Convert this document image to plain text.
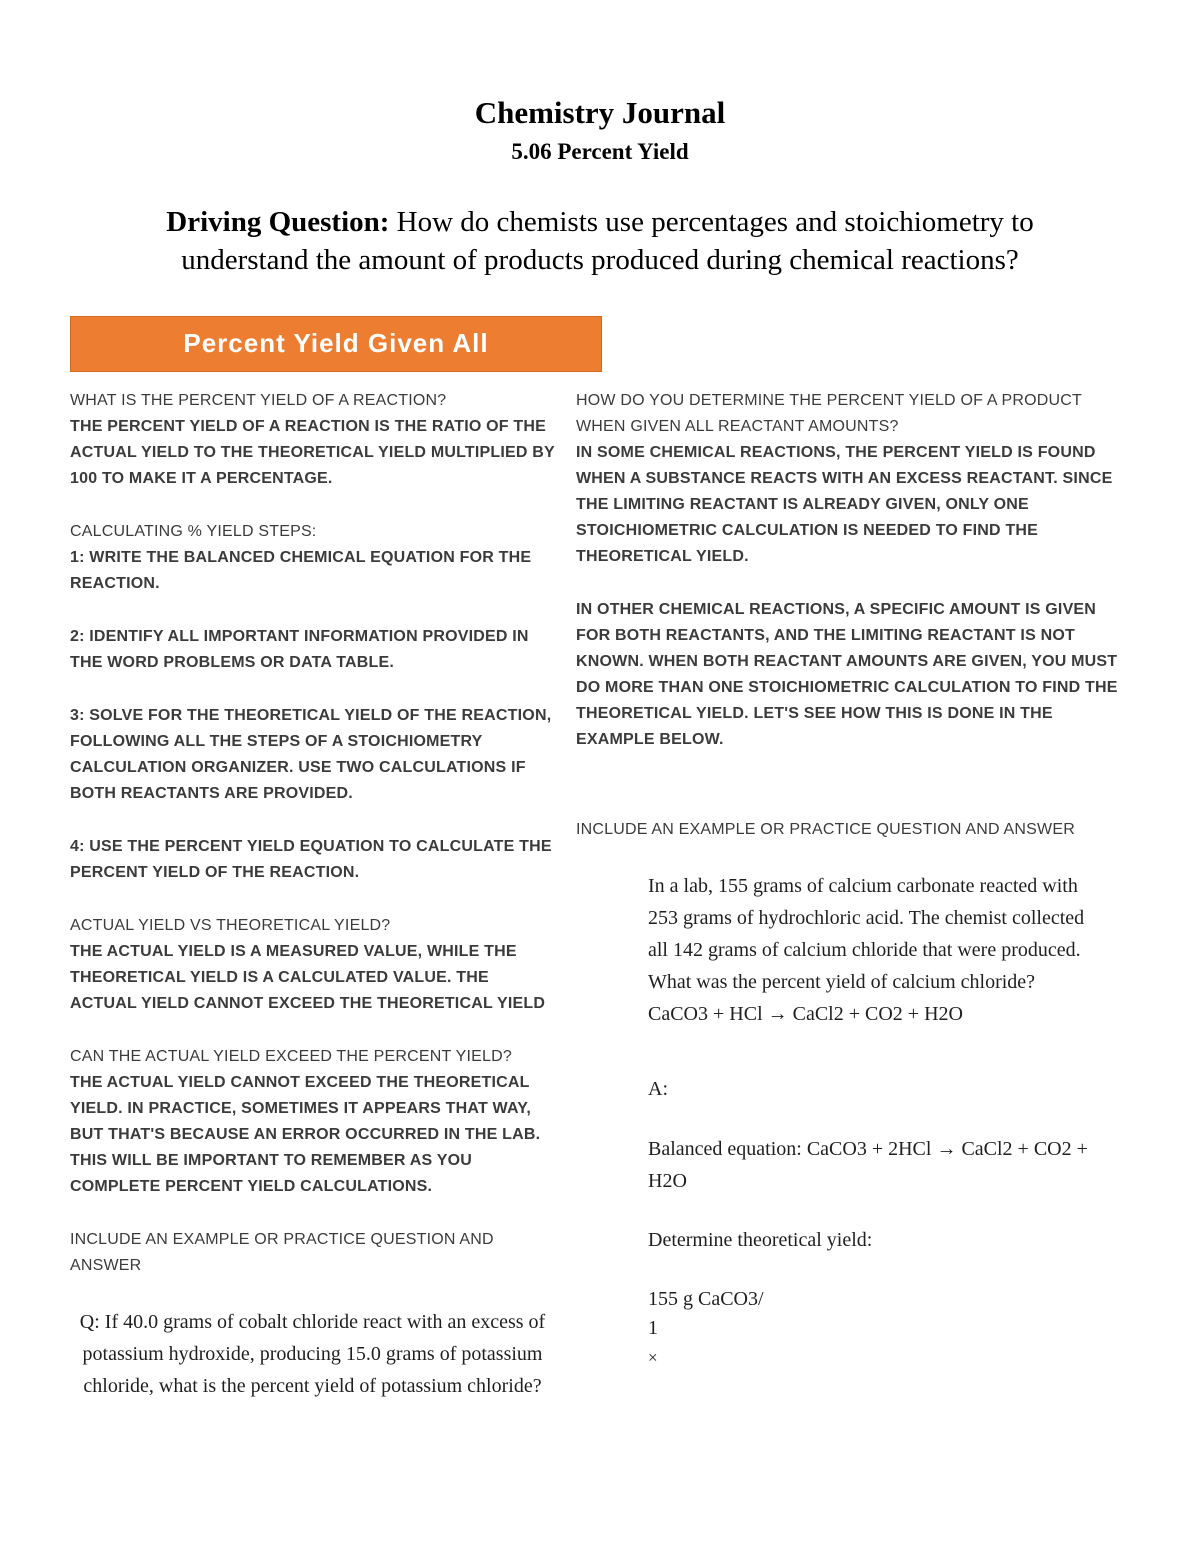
Chemistry Journal
5.06 Percent Yield
Driving Question: How do chemists use percentages and stoichiometry to understand the amount of products produced during chemical reactions?
Percent Yield Given All
WHAT IS THE PERCENT YIELD OF A REACTION?
THE PERCENT YIELD OF A REACTION IS THE RATIO OF THE ACTUAL YIELD TO THE THEORETICAL YIELD MULTIPLIED BY 100 TO MAKE IT A PERCENTAGE.
CALCULATING % YIELD STEPS:
1: WRITE THE BALANCED CHEMICAL EQUATION FOR THE REACTION.
2: IDENTIFY ALL IMPORTANT INFORMATION PROVIDED IN THE WORD PROBLEMS OR DATA TABLE.
3: SOLVE FOR THE THEORETICAL YIELD OF THE REACTION, FOLLOWING ALL THE STEPS OF A STOICHIOMETRY CALCULATION ORGANIZER. USE TWO CALCULATIONS IF BOTH REACTANTS ARE PROVIDED.
4: USE THE PERCENT YIELD EQUATION TO CALCULATE THE PERCENT YIELD OF THE REACTION.
ACTUAL YIELD VS THEORETICAL YIELD?
THE ACTUAL YIELD IS A MEASURED VALUE, WHILE THE THEORETICAL YIELD IS A CALCULATED VALUE. THE ACTUAL YIELD CANNOT EXCEED THE THEORETICAL YIELD
CAN THE ACTUAL YIELD EXCEED THE PERCENT YIELD?
THE ACTUAL YIELD CANNOT EXCEED THE THEORETICAL YIELD. IN PRACTICE, SOMETIMES IT APPEARS THAT WAY, BUT THAT'S BECAUSE AN ERROR OCCURRED IN THE LAB. THIS WILL BE IMPORTANT TO REMEMBER AS YOU COMPLETE PERCENT YIELD CALCULATIONS.
INCLUDE AN EXAMPLE OR PRACTICE QUESTION AND ANSWER
Q: If 40.0 grams of cobalt chloride react with an excess of potassium hydroxide, producing 15.0 grams of potassium chloride, what is the percent yield of potassium chloride?
HOW DO YOU DETERMINE THE PERCENT YIELD OF A PRODUCT WHEN GIVEN ALL REACTANT AMOUNTS?
IN SOME CHEMICAL REACTIONS, THE PERCENT YIELD IS FOUND WHEN A SUBSTANCE REACTS WITH AN EXCESS REACTANT. SINCE THE LIMITING REACTANT IS ALREADY GIVEN, ONLY ONE STOICHIOMETRIC CALCULATION IS NEEDED TO FIND THE THEORETICAL YIELD.
IN OTHER CHEMICAL REACTIONS, A SPECIFIC AMOUNT IS GIVEN FOR BOTH REACTANTS, AND THE LIMITING REACTANT IS NOT KNOWN. WHEN BOTH REACTANT AMOUNTS ARE GIVEN, YOU MUST DO MORE THAN ONE STOICHIOMETRIC CALCULATION TO FIND THE THEORETICAL YIELD. LET'S SEE HOW THIS IS DONE IN THE EXAMPLE BELOW.
INCLUDE AN EXAMPLE OR PRACTICE QUESTION AND ANSWER
In a lab, 155 grams of calcium carbonate reacted with 253 grams of hydrochloric acid. The chemist collected all 142 grams of calcium chloride that were produced. What was the percent yield of calcium chloride?
CaCO3 + HCl → CaCl2 + CO2 + H2O
A:
Balanced equation: CaCO3 + 2HCl → CaCl2 + CO2 + H2O
Determine theoretical yield:
155 g CaCO3/
1
×
